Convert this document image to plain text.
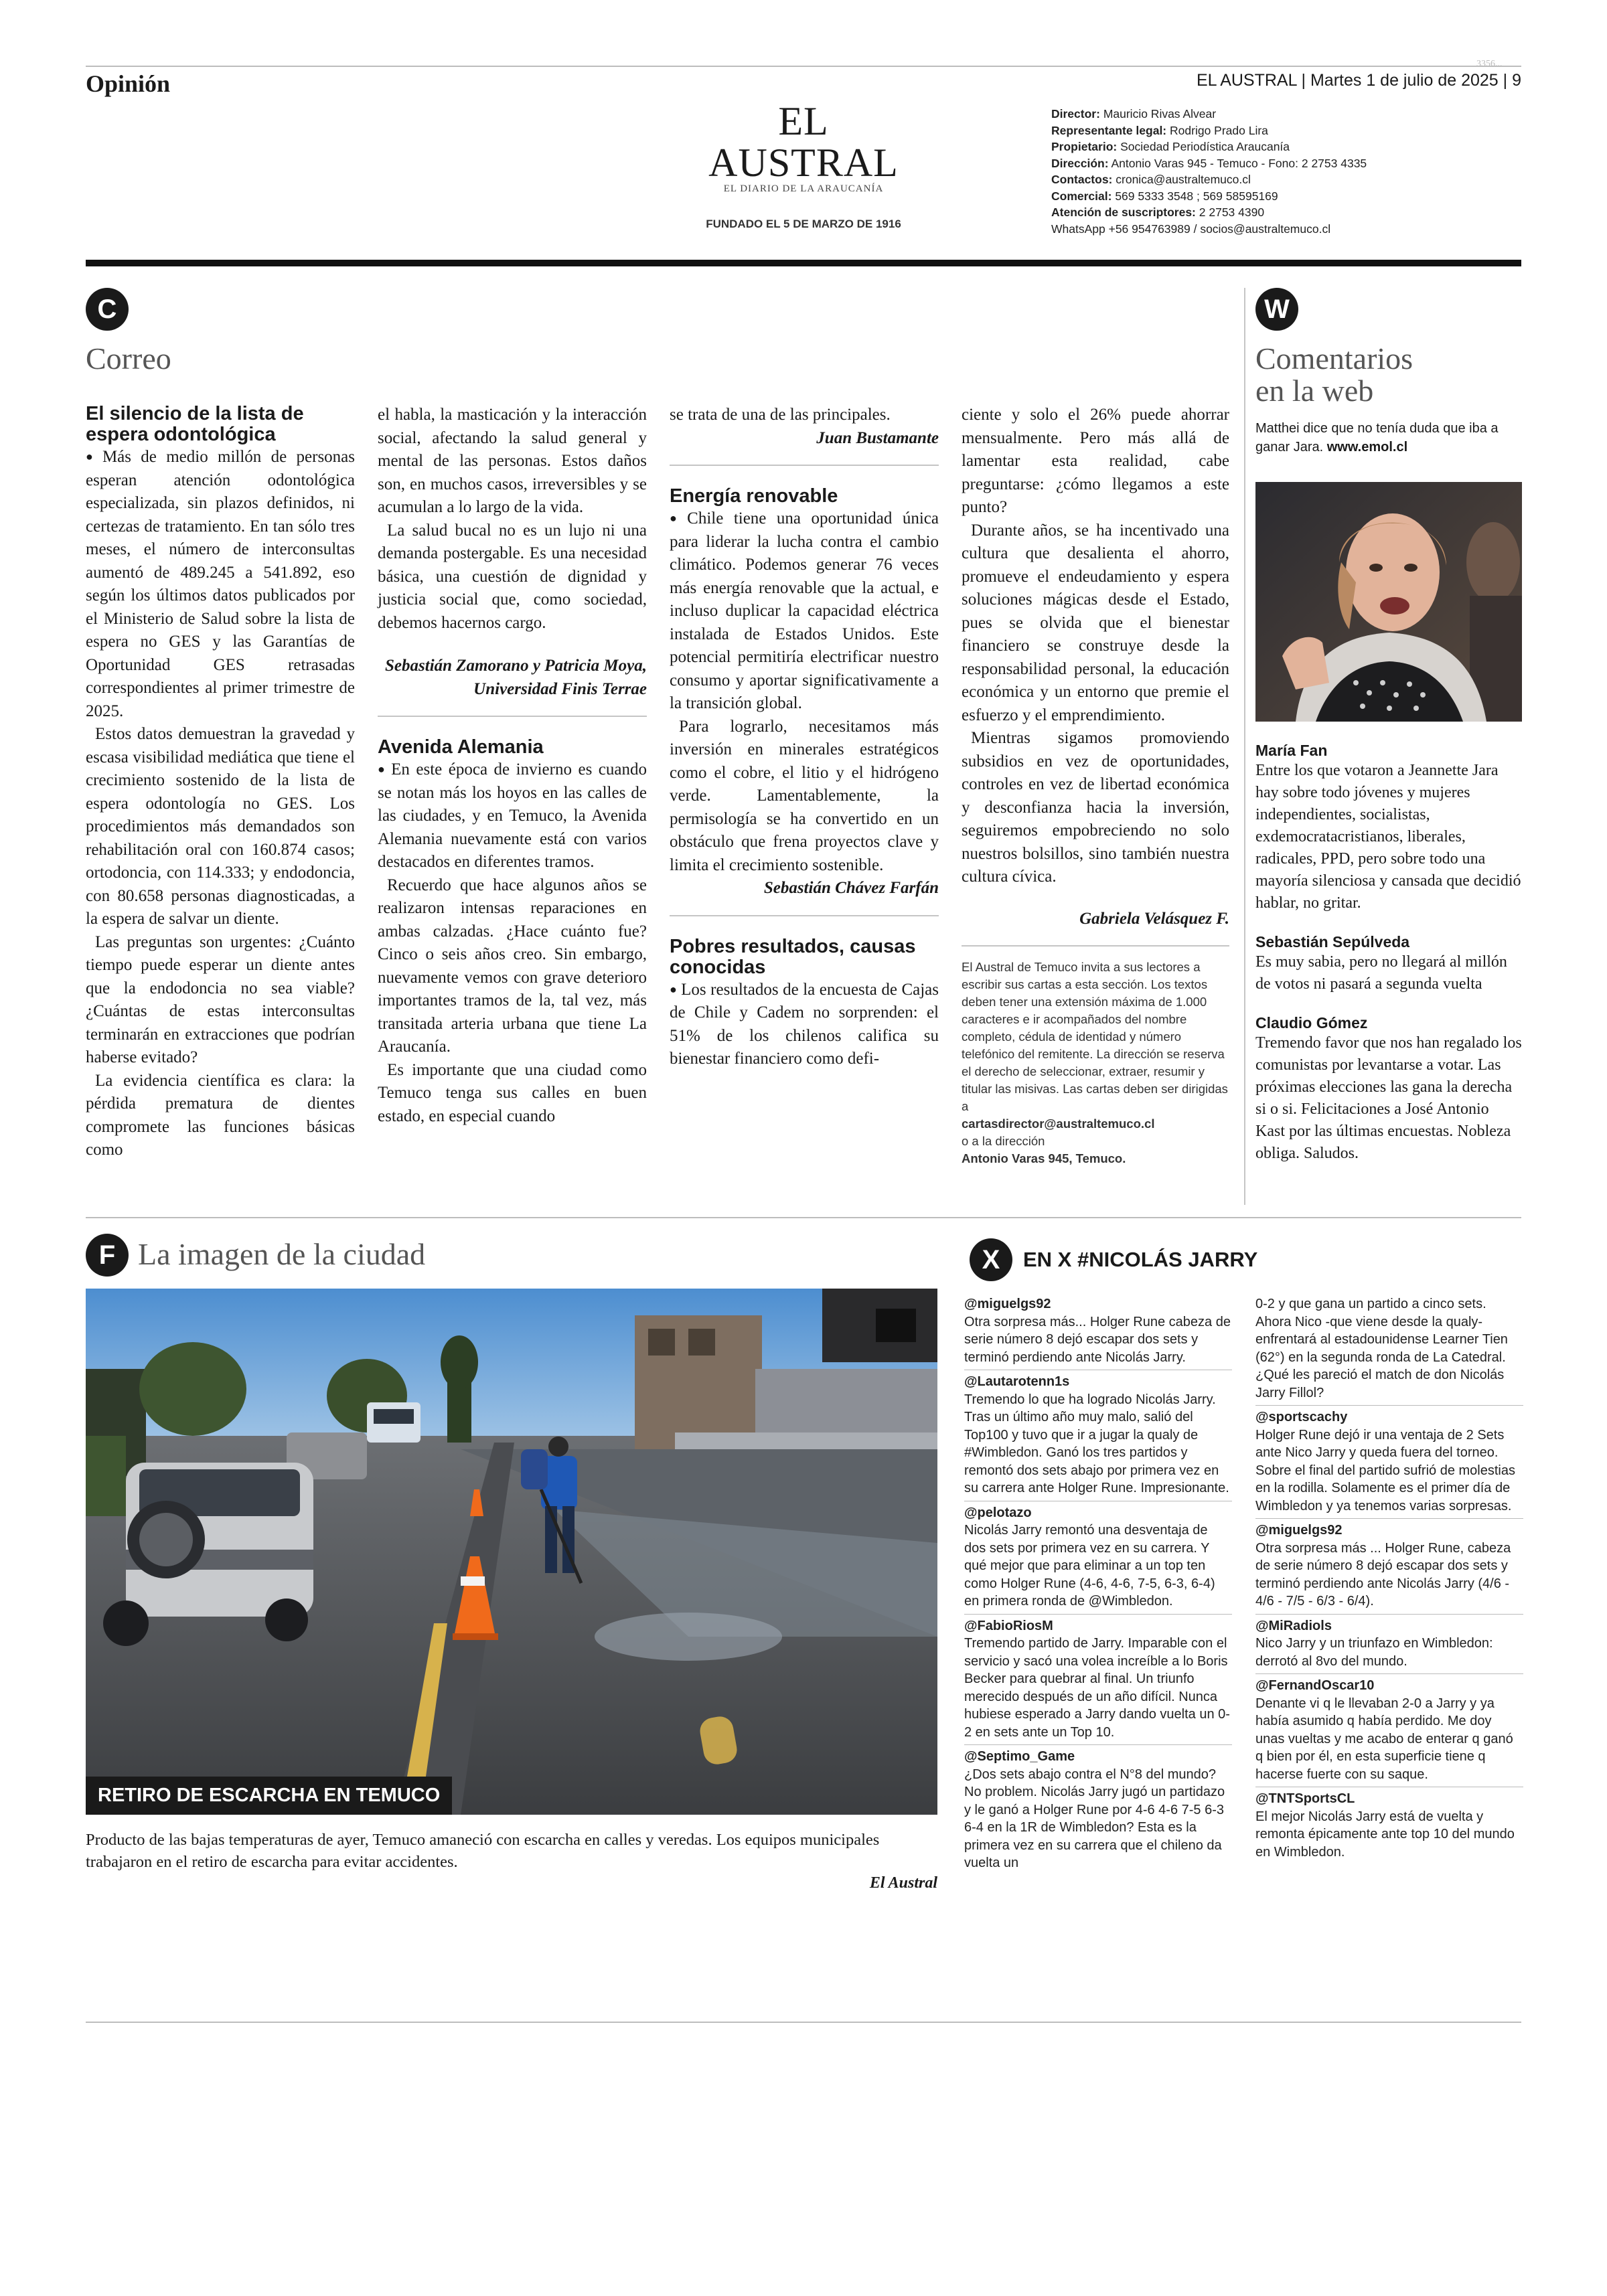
Opinión
EL AUSTRAL
EL DIARIO DE LA ARAUCANÍA
FUNDADO EL 5 DE MARZO DE 1916
EL AUSTRAL | Martes 1 de julio de 2025 | 9
3356...
Director: Mauricio Rivas Alvear
Representante legal: Rodrigo Prado Lira
Propietario: Sociedad Periodística Araucanía
Dirección: Antonio Varas 945 - Temuco - Fono: 2 2753 4335
Contactos: cronica@australtemuco.cl
Comercial: 569 5333 3548 ; 569 58595169
Atención de suscriptores: 2 2753 4390
WhatsApp +56 954763989 / socios@australtemuco.cl
C
Correo

El silencio de la lista de espera odontológica

● Más de medio millón de personas esperan atención odontológica especializada, sin plazos definidos, ni certezas de tratamiento. En tan sólo tres meses, el número de interconsultas aumentó de 489.245 a 541.892, eso según los últimos datos publicados por el Ministerio de Salud sobre la lista de espera no GES y las Garantías de Oportunidad GES retrasadas correspondientes al primer trimestre de 2025.

Estos datos demuestran la gravedad y escasa visibilidad mediática que tiene el crecimiento sostenido de la lista de espera odontología no GES. Los procedimientos más demandados son rehabilitación oral con 160.874 casos; ortodoncia, con 114.333; y endodoncia, con 80.658 personas diagnosticadas, a la espera de salvar un diente.

Las preguntas son urgentes: ¿Cuánto tiempo puede esperar un diente antes que la endodoncia no sea viable? ¿Cuántas de estas interconsultas terminarán en extracciones que podrían haberse evitado?

La evidencia científica es clara: la pérdida prematura de dientes compromete las funciones básicas como

el habla, la masticación y la interacción social, afectando la salud general y mental de las personas. Estos daños son, en muchos casos, irreversibles y se acumulan a lo largo de la vida.

La salud bucal no es un lujo ni una demanda postergable. Es una necesidad básica, una cuestión de dignidad y justicia social que, como sociedad, debemos hacernos cargo.

Sebastián Zamorano y Patricia Moya, Universidad Finis Terrae

Avenida Alemania

● En este época de invierno es cuando se notan más los hoyos en las calles de las ciudades, y en Temuco, la Avenida Alemania nuevamente está con varios destacados en diferentes tramos.

Recuerdo que hace algunos años se realizaron intensas reparaciones en ambas calzadas. ¿Hace cuánto fue? Cinco o seis años creo. Sin embargo, nuevamente vemos con grave deterioro importantes tramos de la, tal vez, más transitada arteria urbana que tiene La Araucanía.

Es importante que una ciudad como Temuco tenga sus calles en buen estado, en especial cuando

se trata de una de las principales.

Juan Bustamante

Energía renovable

● Chile tiene una oportunidad única para liderar la lucha contra el cambio climático. Podemos generar 76 veces más energía renovable que la actual, e incluso duplicar la capacidad eléctrica instalada de Estados Unidos. Este potencial permitiría electrificar nuestro consumo y aportar significativamente a la transición global.

Para lograrlo, necesitamos más inversión en minerales estratégicos como el cobre, el litio y el hidrógeno verde. Lamentablemente, la permisología se ha convertido en un obstáculo que frena proyectos clave y limita el crecimiento sostenible.

Sebastián Chávez Farfán

Pobres resultados, causas conocidas

● Los resultados de la encuesta de Cajas de Chile y Cadem no sorprenden: el 51% de los chilenos califica su bienestar financiero como defi-

ciente y solo el 26% puede ahorrar mensualmente. Pero más allá de lamentar esta realidad, cabe preguntarse: ¿cómo llegamos a este punto?

Durante años, se ha incentivado una cultura que desalienta el ahorro, promueve el endeudamiento y espera soluciones mágicas desde el Estado, pues se olvida que el bienestar financiero se construye desde la responsabilidad personal, la educación económica y un entorno que premie el esfuerzo y el emprendimiento.

Mientras sigamos promoviendo subsidios en vez de oportunidades, controles en vez de libertad económica y desconfianza hacia la inversión, seguiremos empobreciendo no solo nuestros bolsillos, sino también nuestra cultura cívica.

Gabriela Velásquez F.

El Austral de Temuco invita a sus lectores a escribir sus cartas a esta sección. Los textos deben tener una extensión máxima de 1.000 caracteres e ir acompañados del nombre completo, cédula de identidad y número telefónico del remitente. La dirección se reserva el derecho de seleccionar, extraer, resumir y titular las misivas. Las cartas deben ser dirigidas a
cartasdirector@australtemuco.cl
o a la dirección
Antonio Varas 945, Temuco.
W
Comentarios
en la web
Matthei dice que no tenía duda que iba a ganar Jara. www.emol.cl

María Fan

Entre los que votaron a Jeannette Jara hay sobre todo jóvenes y mujeres independientes, socialistas, exdemocratacristianos, liberales, radicales, PPD, pero sobre todo una mayoría silenciosa y cansada que decidió hablar, no gritar.

Sebastián Sepúlveda

Es muy sabia, pero no llegará al millón de votos ni pasará a segunda vuelta

Claudio Gómez

Tremendo favor que nos han regalado los comunistas por levantarse a votar. Las próximas elecciones las gana la derecha si o si. Felicitaciones a José Antonio Kast por las últimas encuestas. Nobleza obliga. Saludos.

F La imagen de la ciudad
RETIRO DE ESCARCHA EN TEMUCO
Producto de las bajas temperaturas de ayer, Temuco amaneció con escarcha en calles y veredas. Los equipos municipales trabajaron en el retiro de escarcha para evitar accidentes.
El Austral
X	EN X #NICOLÁS JARRY

@miguelgs92

Otra sorpresa más... Holger Rune cabeza de serie número 8 dejó escapar dos sets y terminó perdiendo ante Nicolás Jarry.

@Lautarotenn1s

Tremendo lo que ha logrado Nicolás Jarry. Tras un último año muy malo, salió del Top100 y tuvo que ir a jugar la qualy de #Wimbledon. Ganó los tres partidos y remontó dos sets abajo por primera vez en su carrera ante Holger Rune. Impresionante.

@pelotazo

Nicolás Jarry remontó una desventaja de dos sets por primera vez en su carrera. Y qué mejor que para eliminar a un top ten como Holger Rune (4-6, 4-6, 7-5, 6-3, 6-4) en primera ronda de @Wimbledon.

@FabioRiosM

Tremendo partido de Jarry. Imparable con el servicio y sacó una volea increíble a lo Boris Becker para quebrar al final. Un triunfo merecido después de un año difícil. Nunca hubiese esperado a Jarry dando vuelta un 0-2 en sets ante un Top 10.

@Septimo_Game

¿Dos sets abajo contra el N°8 del mundo? No problem. Nicolás Jarry jugó un partidazo y le ganó a Holger Rune por 4-6 4-6 7-5 6-3 6-4 en la 1R de Wimbledon? Esta es la primera vez en su carrera que el chileno da vuelta un

0-2 y que gana un partido a cinco sets. Ahora Nico -que viene desde la qualy- enfrentará al estadounidense Learner Tien (62°) en la segunda ronda de La Catedral. ¿Qué les pareció el match de don Nicolás Jarry Fillol?

@sportscachy

Holger Rune dejó ir una ventaja de 2 Sets ante Nico Jarry y queda fuera del torneo. Sobre el final del partido sufrió de molestias en la rodilla. Solamente es el primer día de Wimbledon y ya tenemos varias sorpresas.

@miguelgs92

Otra sorpresa más ... Holger Rune, cabeza de serie número 8 dejó escapar dos sets y terminó perdiendo ante Nicolás Jarry (4/6 - 4/6 - 7/5 - 6/3 - 6/4).

@MiRadiols

Nico Jarry y un triunfazo en Wimbledon: derrotó al 8vo del mundo.

@FernandOscar10

Denante vi q le llevaban 2-0 a Jarry y ya había asumido q había perdido. Me doy unas vueltas y me acabo de enterar q ganó q bien por él, en esta superficie tiene q hacerse fuerte con su saque.

@TNTSportsCL

El mejor Nicolás Jarry está de vuelta y remonta épicamente ante top 10 del mundo en Wimbledon.
